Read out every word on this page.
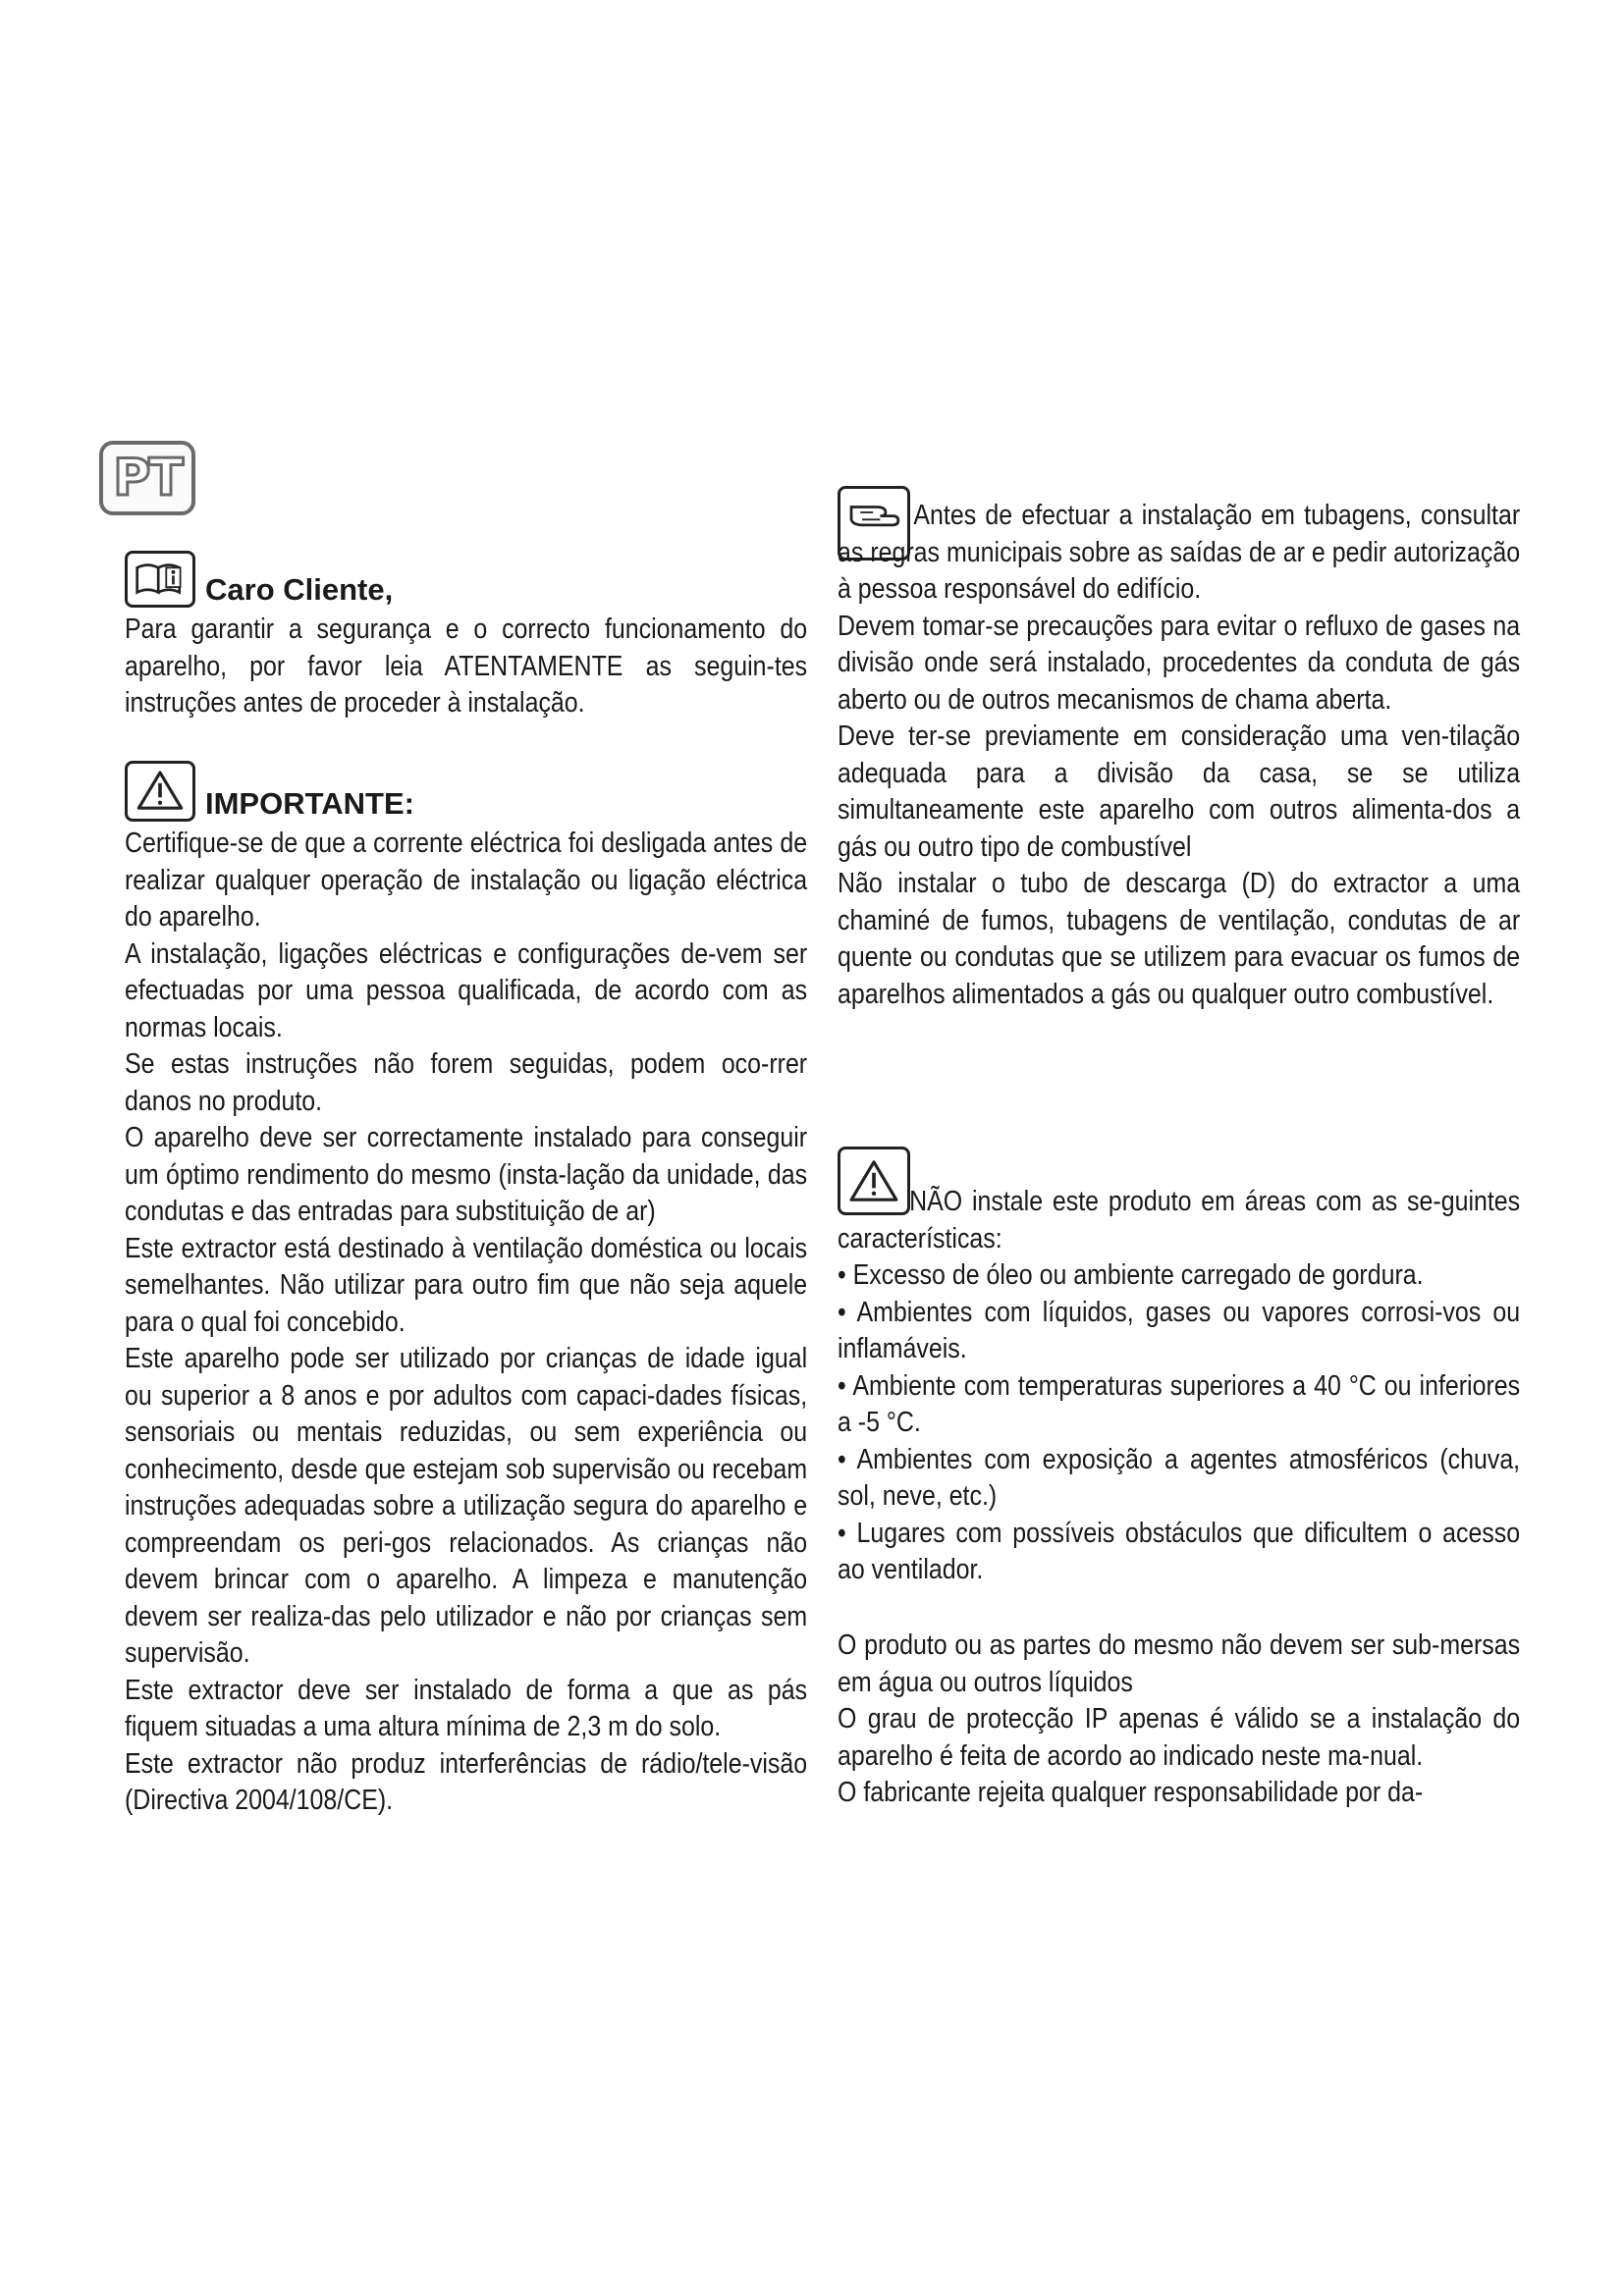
PT
Caro Cliente,

Para garantir a segurança e o correcto funcionamento do aparelho, por favor leia ATENTAMENTE as seguin-tes instruções antes de proceder à instalação.

IMPORTANTE:

Certifique-se de que a corrente eléctrica foi desligada antes de realizar qualquer operação de instalação ou ligação eléctrica do aparelho.

A instalação, ligações eléctricas e configurações de-vem ser efectuadas por uma pessoa qualificada, de acordo com as normas locais.

Se estas instruções não forem seguidas, podem oco-rrer danos no produto.

O aparelho deve ser correctamente instalado para conseguir um óptimo rendimento do mesmo (insta-lação da unidade, das condutas e das entradas para substituição de ar)

Este extractor está destinado à ventilação doméstica ou locais semelhantes. Não utilizar para outro fim que não seja aquele para o qual foi concebido.

Este aparelho pode ser utilizado por crianças de idade igual ou superior a 8 anos e por adultos com capaci-dades físicas, sensoriais ou mentais reduzidas, ou sem experiência ou conhecimento, desde que estejam sob supervisão ou recebam instruções adequadas sobre a utilização segura do aparelho e compreendam os peri-gos relacionados. As crianças não devem brincar com o aparelho. A limpeza e manutenção devem ser realiza-das pelo utilizador e não por crianças sem supervisão.

Este extractor deve ser instalado de forma a que as pás fiquem situadas a uma altura mínima de 2,3 m do solo.

Este extractor não produz interferências de rádio/tele-visão (Directiva 2004/108/CE).

Antes de efectuar a instalação em tubagens, consultar as regras municipais sobre as saídas de ar e pedir autorização à pessoa responsável do edifício.

Devem tomar-se precauções para evitar o refluxo de gases na divisão onde será instalado, procedentes da conduta de gás aberto ou de outros mecanismos de chama aberta.

Deve ter-se previamente em consideração uma ven-tilação adequada para a divisão da casa, se se utiliza simultaneamente este aparelho com outros alimenta-dos a gás ou outro tipo de combustível

Não instalar o tubo de descarga (D) do extractor a uma chaminé de fumos, tubagens de ventilação, condutas de ar quente ou condutas que se utilizem para evacuar os fumos de aparelhos alimentados a gás ou qualquer outro combustível.

NÃO instale este produto em áreas com as se-guintes características:

• Excesso de óleo ou ambiente carregado de gordura.

• Ambientes com líquidos, gases ou vapores corrosi-vos ou inflamáveis.

• Ambiente com temperaturas superiores a 40 °C ou inferiores a -5 °C.

• Ambientes com exposição a agentes atmosféricos (chuva, sol, neve, etc.)

• Lugares com possíveis obstáculos que dificultem o acesso ao ventilador.

O produto ou as partes do mesmo não devem ser sub-mersas em água ou outros líquidos

O grau de protecção IP apenas é válido se a instalação do aparelho é feita de acordo ao indicado neste ma-nual.

O fabricante rejeita qualquer responsabilidade por da-
